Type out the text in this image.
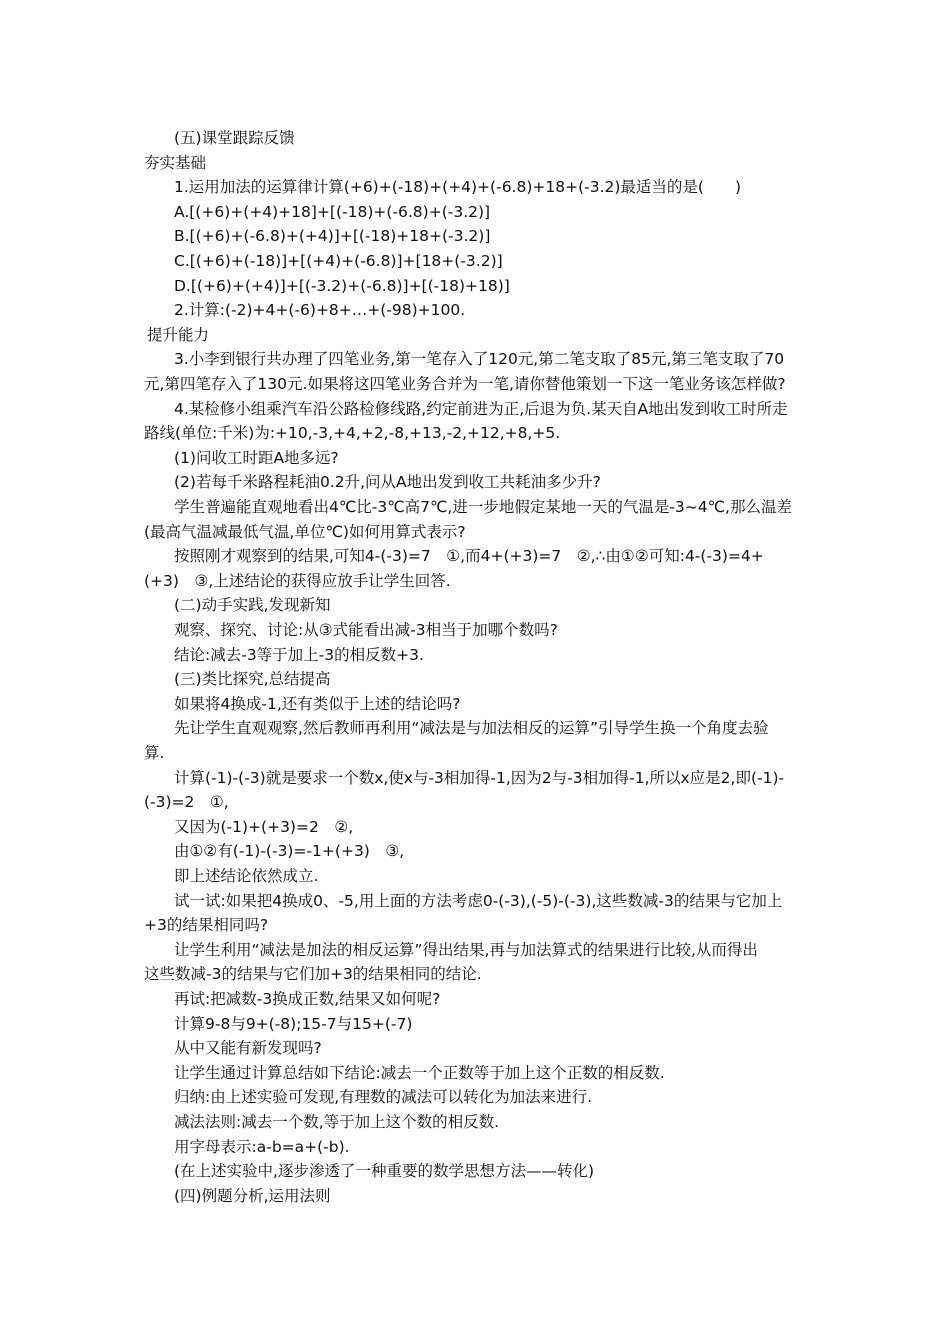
(五)课堂跟踪反馈
夯实基础
1.运用加法的运算律计算(+6)+(-18)+(+4)+(-6.8)+18+(-3.2)最适当的是(　　)
A.[(+6)+(+4)+18]+[(-18)+(-6.8)+(-3.2)]
B.[(+6)+(-6.8)+(+4)]+[(-18)+18+(-3.2)]
C.[(+6)+(-18)]+[(+4)+(-6.8)]+[18+(-3.2)]
D.[(+6)+(+4)]+[(-3.2)+(-6.8)]+[(-18)+18)]
2.计算:(-2)+4+(-6)+8+…+(-98)+100.
提升能力
3.小李到银行共办理了四笔业务,第一笔存入了120元,第二笔支取了85元,第三笔支取了70
元,第四笔存入了130元.如果将这四笔业务合并为一笔,请你替他策划一下这一笔业务该怎样做?
4.某检修小组乘汽车沿公路检修线路,约定前进为正,后退为负.某天自A地出发到收工时所走
路线(单位:千米)为:+10,-3,+4,+2,-8,+13,-2,+12,+8,+5.
(1)问收工时距A地多远?
(2)若每千米路程耗油0.2升,问从A地出发到收工共耗油多少升?
学生普遍能直观地看出4℃比-3℃高7℃,进一步地假定某地一天的气温是-3~4℃,那么温差
(最高气温减最低气温,单位℃)如何用算式表示?
按照刚才观察到的结果,可知4-(-3)=7　①,而4+(+3)=7　②,∴由①②可知:4-(-3)=4+
(+3)　③,上述结论的获得应放手让学生回答.
(二)动手实践,发现新知
观察、探究、讨论:从③式能看出减-3相当于加哪个数吗?
结论:减去-3等于加上-3的相反数+3.
(三)类比探究,总结提高
如果将4换成-1,还有类似于上述的结论吗?
先让学生直观观察,然后教师再利用“减法是与加法相反的运算”引导学生换一个角度去验
算.
计算(-1)-(-3)就是要求一个数x,使x与-3相加得-1,因为2与-3相加得-1,所以x应是2,即(-1)-
(-3)=2　①,
又因为(-1)+(+3)=2　②,
由①②有(-1)-(-3)=-1+(+3)　③,
即上述结论依然成立.
试一试:如果把4换成0、-5,用上面的方法考虑0-(-3),(-5)-(-3),这些数减-3的结果与它加上
+3的结果相同吗?
让学生利用“减法是加法的相反运算”得出结果,再与加法算式的结果进行比较,从而得出
这些数减-3的结果与它们加+3的结果相同的结论.
再试:把减数-3换成正数,结果又如何呢?
计算9-8与9+(-8);15-7与15+(-7)
从中又能有新发现吗?
让学生通过计算总结如下结论:减去一个正数等于加上这个正数的相反数.
归纳:由上述实验可发现,有理数的减法可以转化为加法来进行.
减法法则:减去一个数,等于加上这个数的相反数.
用字母表示:a-b=a+(-b).
(在上述实验中,逐步渗透了一种重要的数学思想方法——转化)
(四)例题分析,运用法则
